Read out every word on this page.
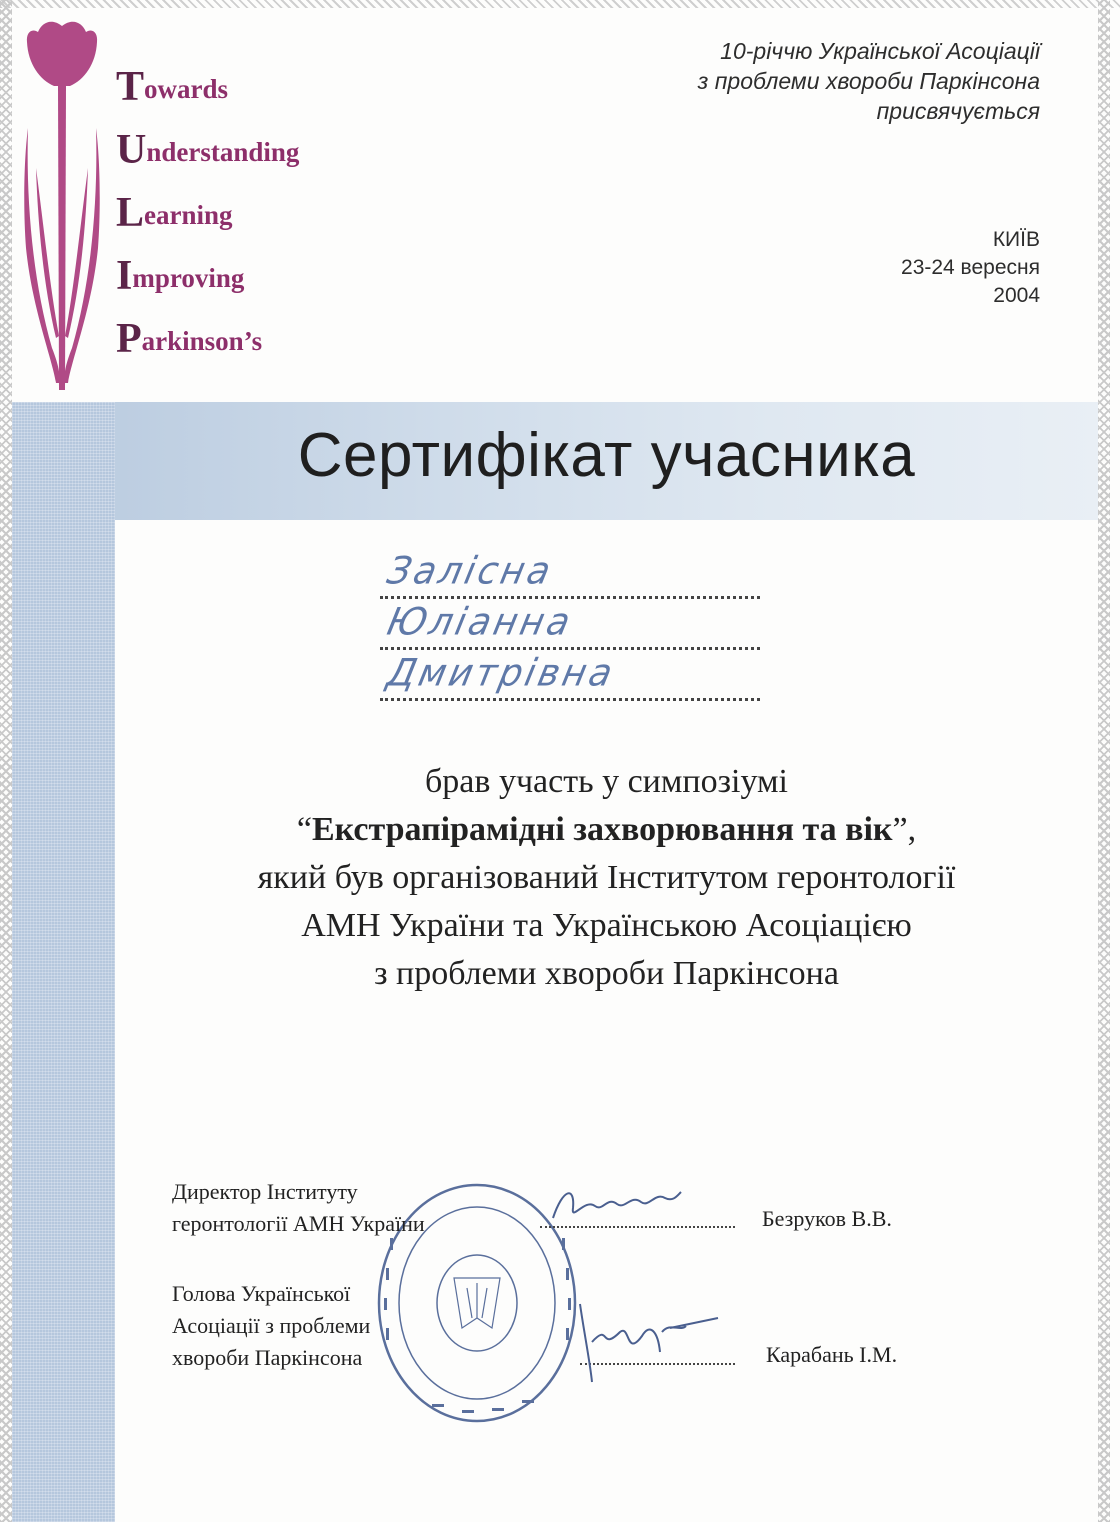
Towards
Understanding
Learning
Improving
Parkinson’s
10-річчю Української Асоціації
з проблеми хвороби Паркінсона
присвячується
КИЇВ
23-24 вересня
2004
Сертифікат учасника
Заліcна
Юліанна
Дмитрівна
брав участь у симпозіумі
“Екстрапірамідні захворювання та вік”,
який був організований Інститутом геронтології
АМН України та Українською Асоціацією
з проблеми хвороби Паркінсона
Директор Інституту
геронтології АМН України	Безруков В.В.
Голова Української
Асоціації з проблеми
хвороби Паркінсона	Карабань І.М.
